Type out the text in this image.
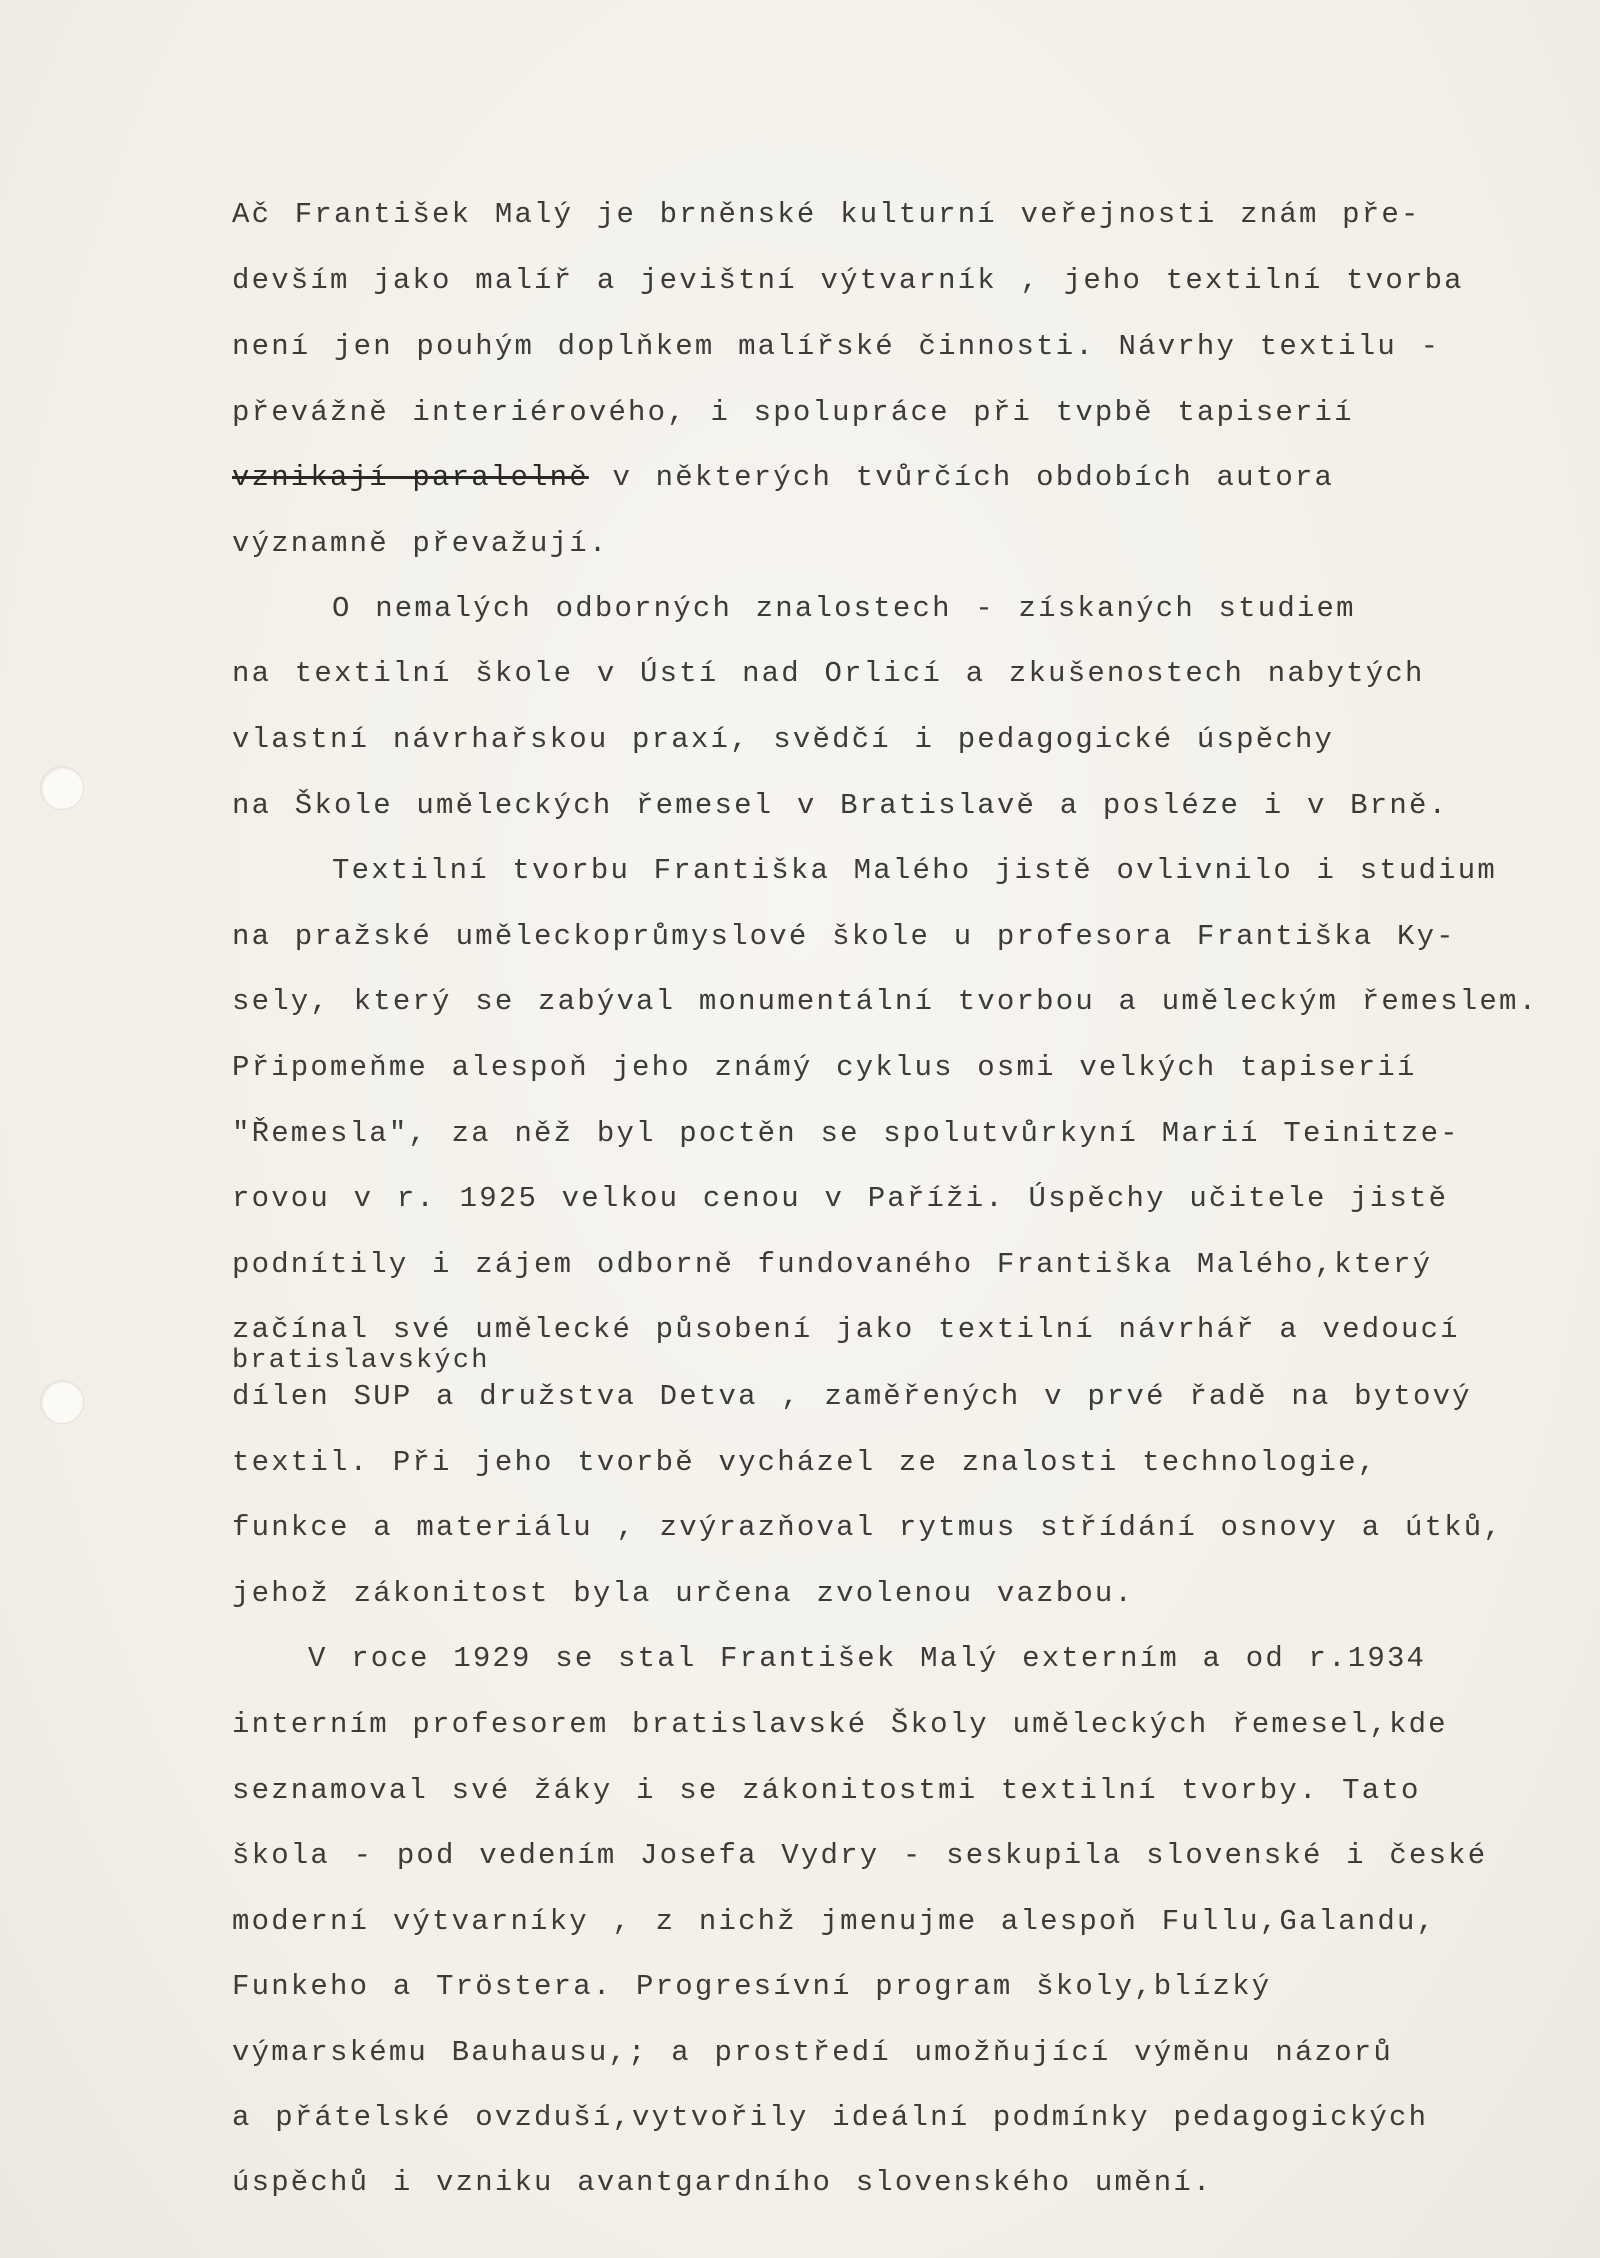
Ač František Malý je brněnské kulturní veřejnosti znám pře-
devším jako malíř a jevištní výtvarník , jeho textilní tvorba
není jen pouhým doplňkem malířské činnosti. Návrhy textilu -
převážně interiérového, i spolupráce při tvpbě tapiserií
vznikají paralelně v některých tvůrčích obdobích autora
významně převažují.
O nemalých odborných znalostech - získaných studiem
na textilní škole v Ústí nad Orlicí a zkušenostech nabytých
vlastní návrhařskou praxí, svědčí i pedagogické úspěchy
na Škole uměleckých řemesel v Bratislavě a posléze i v Brně.
Textilní tvorbu Františka Malého jistě ovlivnilo i studium
na pražské uměleckoprůmyslové škole u profesora Františka Ky-
sely, který se zabýval monumentální tvorbou a uměleckým řemeslem.
Připomeňme alespoň jeho známý cyklus osmi velkých tapiserií
"Řemesla", za něž byl poctěn se spolutvůrkyní Marií Teinitze-
rovou v r. 1925 velkou cenou v Paříži. Úspěchy učitele jistě
podnítily i zájem odborně fundovaného Františka Malého,který
začínal své umělecké působení jako textilní návrhář a vedoucí
bratislavských
dílen SUP a družstva Detva , zaměřených v prvé řadě na bytový
textil. Při jeho tvorbě vycházel ze znalosti technologie,
funkce a materiálu , zvýrazňoval rytmus střídání osnovy a útků,
jehož zákonitost byla určena zvolenou vazbou.
V roce 1929 se stal František Malý externím a od r.1934
interním profesorem bratislavské Školy uměleckých řemesel,kde
seznamoval své žáky i se zákonitostmi textilní tvorby. Tato
škola - pod vedením Josefa Vydry - seskupila slovenské i české
moderní výtvarníky , z nichž jmenujme alespoň Fullu,Galandu,
Funkeho a Tröstera. Progresívní program školy,blízký
výmarskému Bauhausu,; a prostředí umožňující výměnu názorů
a přátelské ovzduší,vytvořily ideální podmínky pedagogických
úspěchů i vzniku avantgardního slovenského umění.
